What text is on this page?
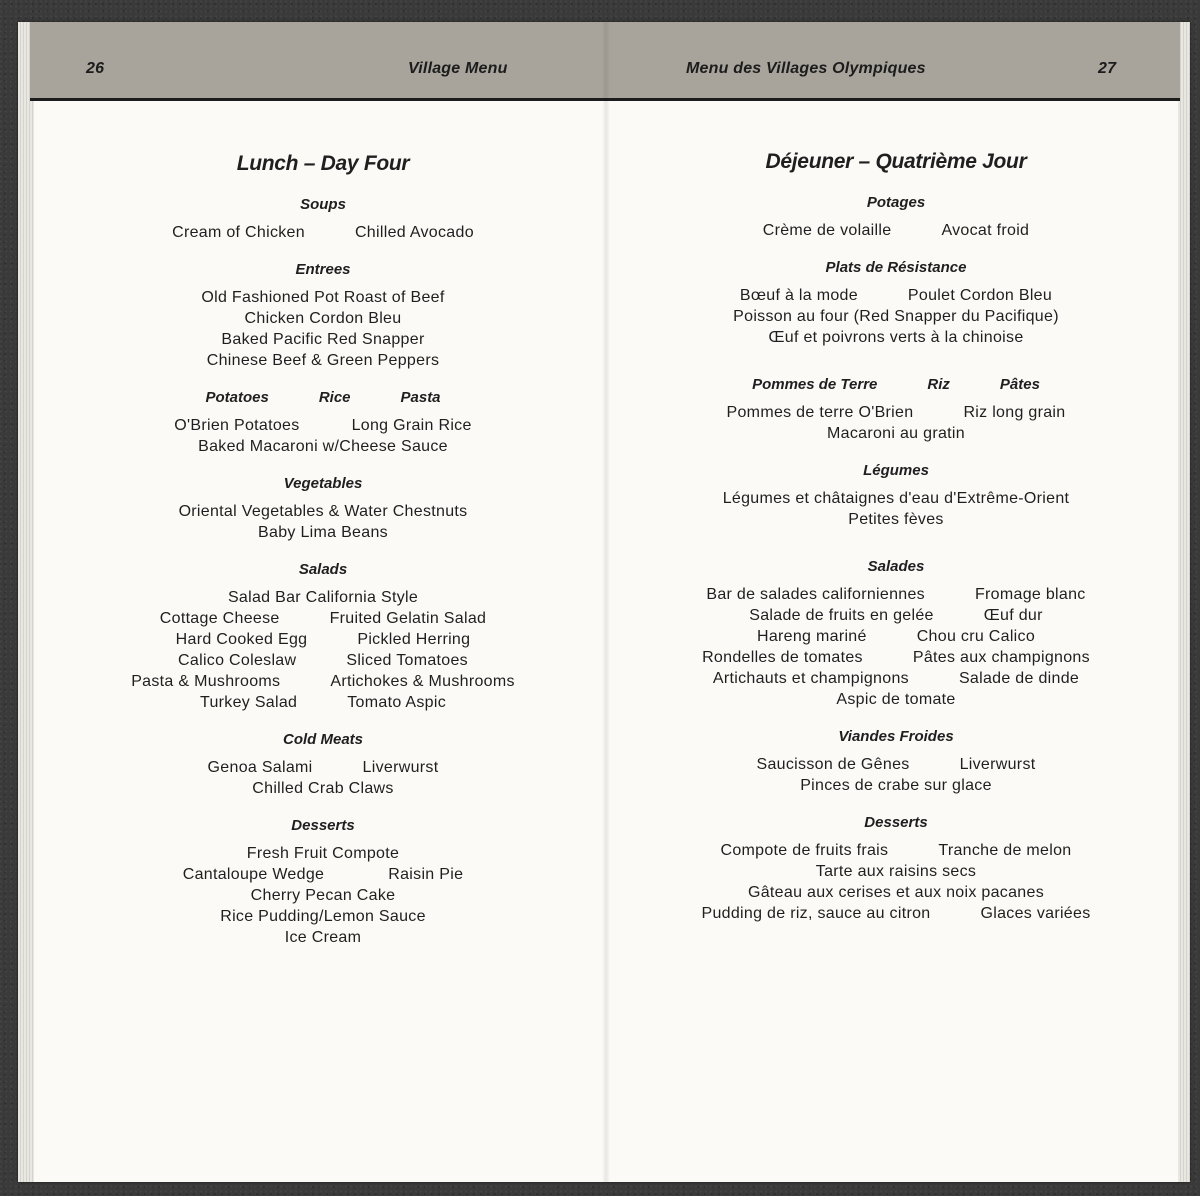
26	Village Menu	Menu des Villages Olympiques	27
Lunch – Day Four
Soups
Cream of Chicken	Chilled Avocado
Entrees
Old Fashioned Pot Roast of Beef
Chicken Cordon Bleu
Baked Pacific Red Snapper
Chinese Beef & Green Peppers
Potatoes	Rice	Pasta
O'Brien Potatoes	Long Grain Rice
Baked Macaroni w/Cheese Sauce
Vegetables
Oriental Vegetables & Water Chestnuts
Baby Lima Beans
Salads
Salad Bar California Style
Cottage Cheese	Fruited Gelatin Salad
Hard Cooked Egg	Pickled Herring
Calico Coleslaw	Sliced Tomatoes
Pasta & Mushrooms	Artichokes & Mushrooms
Turkey Salad	Tomato Aspic
Cold Meats
Genoa Salami	Liverwurst
Chilled Crab Claws
Desserts
Fresh Fruit Compote
Cantaloupe Wedge	Raisin Pie
Cherry Pecan Cake
Rice Pudding/Lemon Sauce
Ice Cream
Déjeuner – Quatrième Jour
Potages
Crème de volaille	Avocat froid
Plats de Résistance
Bœuf à la mode	Poulet Cordon Bleu
Poisson au four (Red Snapper du Pacifique)
Œuf et poivrons verts à la chinoise
Pommes de Terre	Riz	Pâtes
Pommes de terre O'Brien	Riz long grain
Macaroni au gratin
Légumes
Légumes et châtaignes d'eau d'Extrême-Orient
Petites fèves
Salades
Bar de salades californiennes	Fromage blanc
Salade de fruits en gelée	Œuf dur
Hareng mariné	Chou cru Calico
Rondelles de tomates	Pâtes aux champignons
Artichauts et champignons	Salade de dinde
Aspic de tomate
Viandes Froides
Saucisson de Gênes	Liverwurst
Pinces de crabe sur glace
Desserts
Compote de fruits frais	Tranche de melon
Tarte aux raisins secs
Gâteau aux cerises et aux noix pacanes
Pudding de riz, sauce au citron	Glaces variées
